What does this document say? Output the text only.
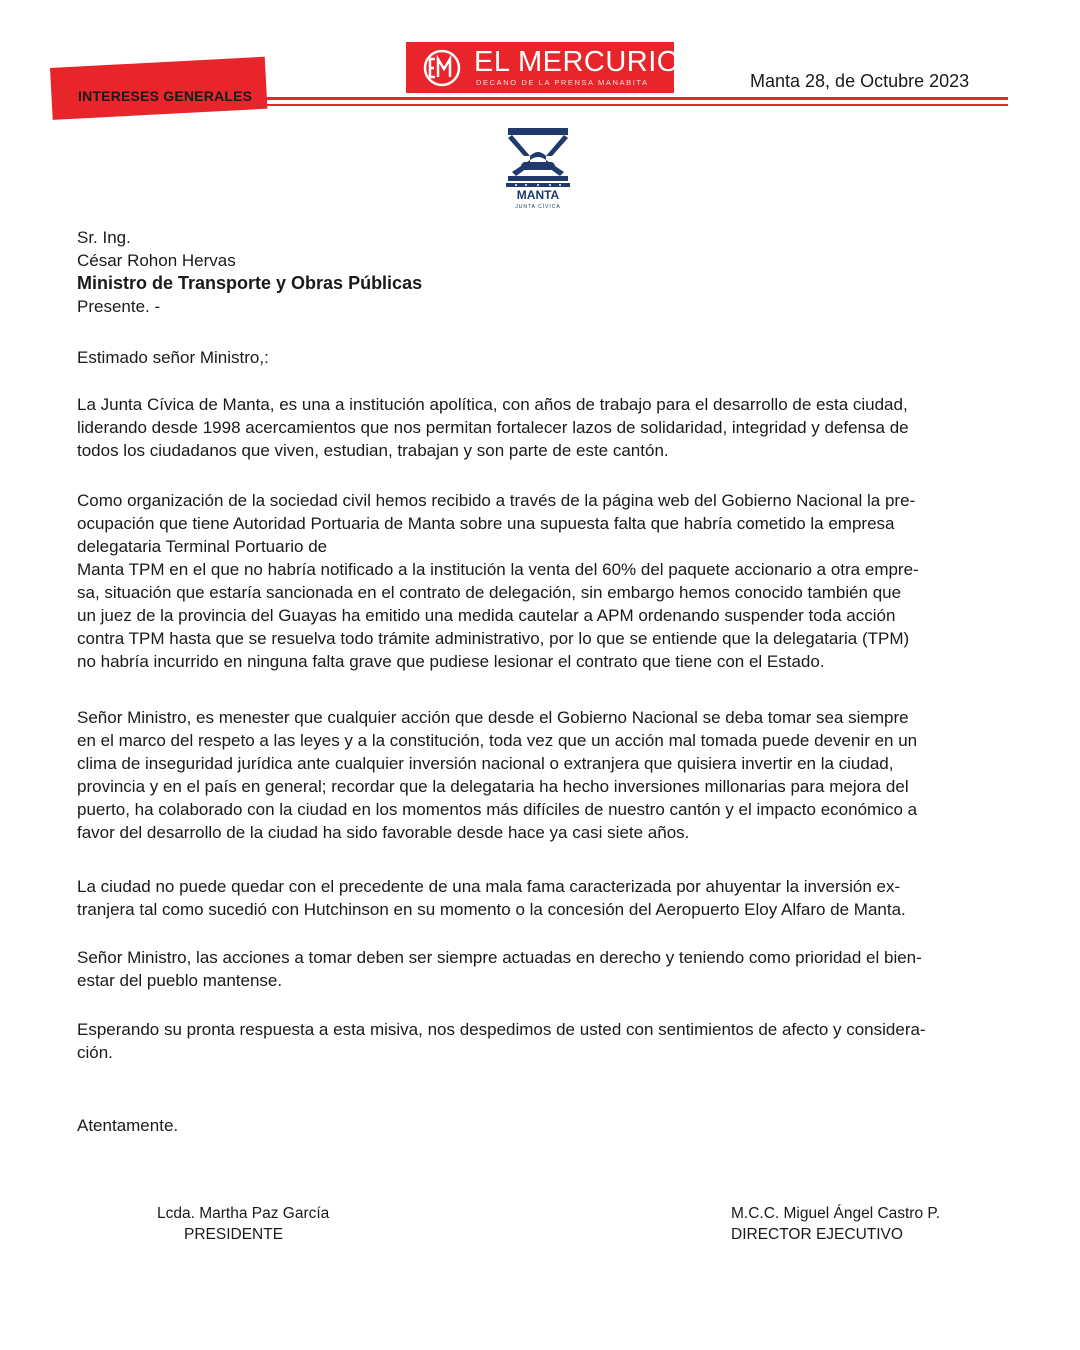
INTERESES GENERALES
EL MERCURIO
DECANO DE LA PRENSA MANABITA	Manta 28, de Octubre 2023
MANTA
JUNTA CÍVICA
Sr. Ing.
César Rohon Hervas
Ministro de Transporte y Obras Públicas
Presente. -
Estimado señor Ministro,:
La Junta Cívica de Manta, es una a institución apolítica, con años de trabajo para el desarrollo de esta ciudad,
liderando desde 1998 acercamientos que nos permitan fortalecer lazos de solidaridad, integridad y defensa de
todos los ciudadanos que viven, estudian, trabajan y son parte de este cantón.
Como organización de la sociedad civil hemos recibido a través de la página web del Gobierno Nacional la pre-
ocupación que tiene Autoridad Portuaria de Manta sobre una supuesta falta que habría cometido la empresa
delegataria Terminal Portuario de
Manta TPM en el que no habría notificado a la institución la venta del 60% del paquete accionario a otra empre-
sa, situación que estaría sancionada en el contrato de delegación, sin embargo hemos conocido también que
un juez de la provincia del Guayas ha emitido una medida cautelar a APM ordenando suspender toda acción
contra TPM hasta que se resuelva todo trámite administrativo, por lo que se entiende que la delegataria (TPM)
no habría incurrido en ninguna falta grave que pudiese lesionar el contrato que tiene con el Estado.
Señor Ministro, es menester que cualquier acción que desde el Gobierno Nacional se deba tomar sea siempre
en el marco del respeto a las leyes y a la constitución, toda vez que un acción mal tomada puede devenir en un
clima de inseguridad jurídica ante cualquier inversión nacional o extranjera que quisiera invertir en la ciudad,
provincia y en el país en general; recordar que la delegataria ha hecho inversiones millonarias para mejora del
puerto, ha colaborado con la ciudad en los momentos más difíciles de nuestro cantón y el impacto económico a
favor del desarrollo de la ciudad ha sido favorable desde hace ya casi siete años.
La ciudad no puede quedar con el precedente de una mala fama caracterizada por ahuyentar la inversión ex-
tranjera tal como sucedió con Hutchinson en su momento o la concesión del Aeropuerto Eloy Alfaro de Manta.
Señor Ministro, las acciones a tomar deben ser siempre actuadas en derecho y teniendo como prioridad el bien-
estar del pueblo mantense.
Esperando su pronta respuesta a esta misiva, nos despedimos de usted con sentimientos de afecto y considera-
ción.
Atentamente.
Lcda. Martha Paz García
PRESIDENTE
M.C.C. Miguel Ángel Castro P.
DIRECTOR EJECUTIVO
